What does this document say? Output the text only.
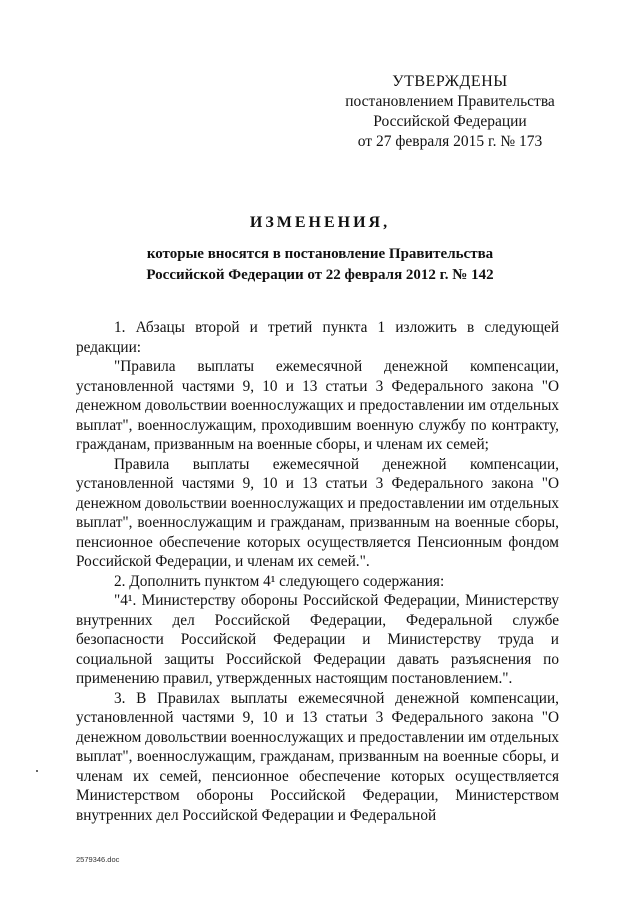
УТВЕРЖДЕНЫ
постановлением Правительства
Российской Федерации
от 27 февраля 2015 г. № 173
ИЗМЕНЕНИЯ,
которые вносятся в постановление Правительства
Российской Федерации от 22 февраля 2012 г. № 142

1. Абзацы второй и третий пункта 1 изложить в следующей редакции:

"Правила выплаты ежемесячной денежной компенсации, установленной частями 9, 10 и 13 статьи 3 Федерального закона "О денежном довольствии военнослужащих и предоставлении им отдельных выплат", военнослужащим, проходившим военную службу по контракту, гражданам, призванным на военные сборы, и членам их семей;

Правила выплаты ежемесячной денежной компенсации, установленной частями 9, 10 и 13 статьи 3 Федерального закона "О денежном довольствии военнослужащих и предоставлении им отдельных выплат", военнослужащим и гражданам, призванным на военные сборы, пенсионное обеспечение которых осуществляется Пенсионным фондом Российской Федерации, и членам их семей.".

2. Дополнить пунктом 4¹ следующего содержания:

"4¹. Министерству обороны Российской Федерации, Министерству внутренних дел Российской Федерации, Федеральной службе безопасности Российской Федерации и Министерству труда и социальной защиты Российской Федерации давать разъяснения по применению правил, утвержденных настоящим постановлением.".

3. В Правилах выплаты ежемесячной денежной компенсации, установленной частями 9, 10 и 13 статьи 3 Федерального закона "О денежном довольствии военнослужащих и предоставлении им отдельных выплат", военнослужащим, гражданам, призванным на военные сборы, и членам их семей, пенсионное обеспечение которых осуществляется Министерством обороны Российской Федерации, Министерством внутренних дел Российской Федерации и Федеральной

2579346.doc
